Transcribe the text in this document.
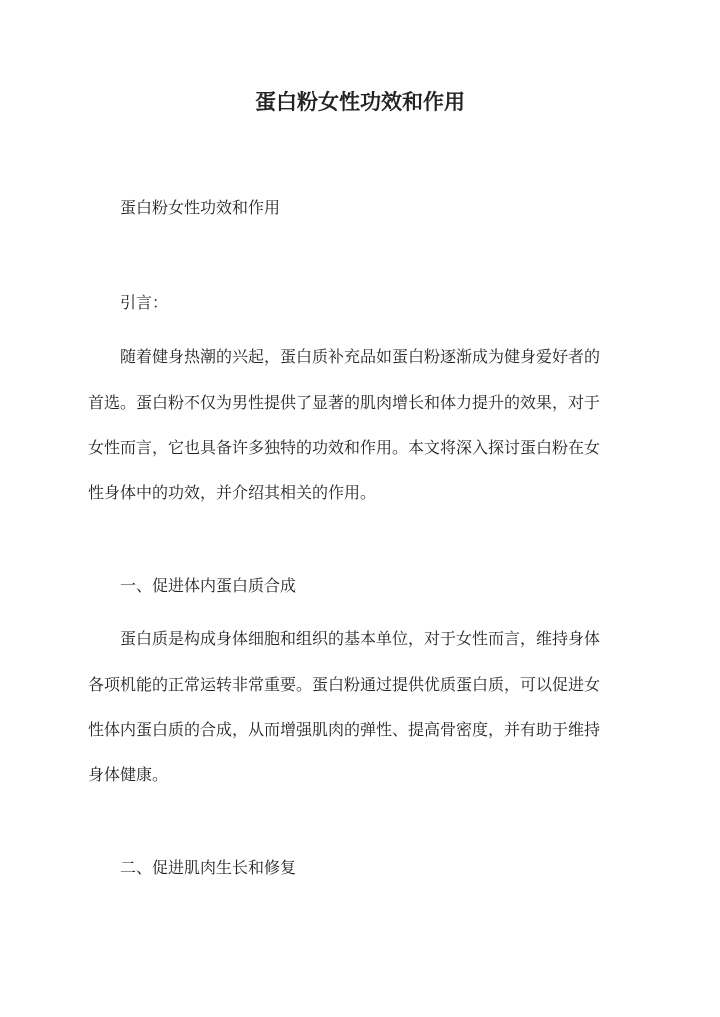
蛋白粉女性功效和作用

蛋白粉女性功效和作用

引言：

随着健身热潮的兴起，蛋白质补充品如蛋白粉逐渐成为健身爱好者的

首选。蛋白粉不仅为男性提供了显著的肌肉增长和体力提升的效果，对于

女性而言，它也具备许多独特的功效和作用。本文将深入探讨蛋白粉在女

性身体中的功效，并介绍其相关的作用。

一、促进体内蛋白质合成

蛋白质是构成身体细胞和组织的基本单位，对于女性而言，维持身体

各项机能的正常运转非常重要。蛋白粉通过提供优质蛋白质，可以促进女

性体内蛋白质的合成，从而增强肌肉的弹性、提高骨密度，并有助于维持

身体健康。

二、促进肌肉生长和修复
